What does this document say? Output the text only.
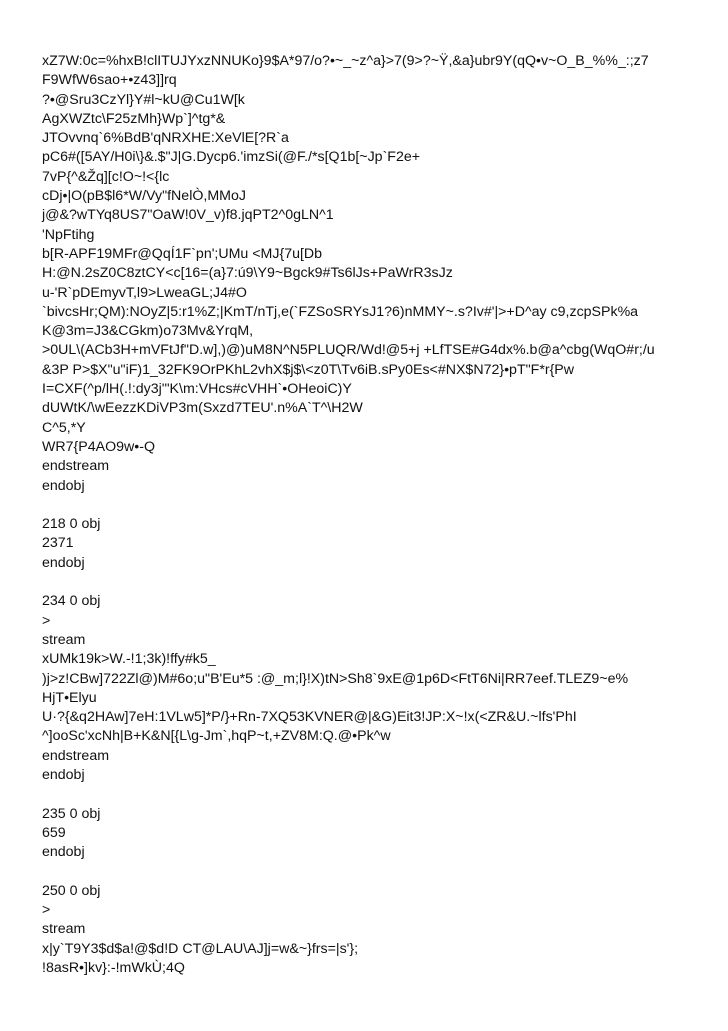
xZ7W:0c=%hxB!clITUJYxzNNUKo}9$A*97/o?•~_~z^a}>7(9>?~Ÿ,&a}ubr9Y(qQ•v~O_B_%%_:;z7
F9WfW6sao+•z43]]rq
?•@Sru3CzYl}Y#l~kU@Cu1W[k
AgXWZtc\F25zMh}Wp`]^tg*&
JTOvvnq`6%BdB'qNRXHE:XeVlE[?R`a
pC6#([5AY/H0i\}&.$"J|G.Dycp6.'imzSi(@F./*s[Q1b[~Jp`F2e+
7vP{^&Žq][c!O~!<{lc
cDj•|O(pB$l6*W/Vy"fNelÒ,MMoJ
j@&?wTYq8US7"OaW!0V_v)f8.jqPT2^0gLN^1
'NpFtihg
b[R-APF19MFr@QqÍ1F`pn';UMu <MJ{7u[Db
H:@N.2sZ0C8ztCY<c[16=(a}7:ú9\Y9~Bgck9#Ts6lJs+PaWrR3sJz
u-'R`pDEmyvT,l9>LweaGL;J4#O
`bivcsHr;QM):NOyZ|5:r1%Z;|KmT/nTj,e(`FZSoSRYsJ1?6)nMMY~.s?Iv#'|>+D^ay c9,zcpSPk%a
K@3m=J3&CGkm)o73Mv&YrqM,
>0UL\(ACb3H+mVFtJf"D.w],)@)uM8N^N5PLUQR/Wd!@5+j +LfTSE#G4dx%.b@a^cbg(WqO#r;/u
&3P P>$X"u"iF)1_32FK9OrPKhL2vhX$j$\<z0T\Tv6iB.sPy0Es<#NX$N72}•pT"F*r{Pw
I=CXF(^p/lH(.!:dy3j'"K\m:VHcs#cVHH`•OHeoiC)Y
dUWtK/\wEezzKDiVP3m(Sxzd7TEU'.n%A`T^\H2W
C^5,*Y
WR7{P4AO9w•-Q
endstream
endobj
218 0 obj
2371
endobj
234 0 obj
>
stream
xUMk19k>W.-!1;3k)!ffy#k5_
)j>z!CBw]722Zl@)M#6o;u"B'Eu*5 :@_m;l}!X)tN>Sh8`9xE@1p6D<FtT6Ni|RR7eef.TLEZ9~e%
HjT•Elyu
U·?{&q2HAw]7eH:1VLw5]*P/}+Rn-7XQ53KVNER@|&G)Eit3!JP:X~!x(<ZR&U.~lfs'PhI
^]ooSc'xcNh|B+K&N[{L\g-Jm`,hqP~t,+ZV8M:Q.@•Pk^w
endstream
endobj
235 0 obj
659
endobj
250 0 obj
>
stream
x|y`T9Y3$d$a!@$d!D CT@LAU\AJ]j=w&~}frs=|s'};
!8asR•]kv}:-!mWkÙ;4Q
